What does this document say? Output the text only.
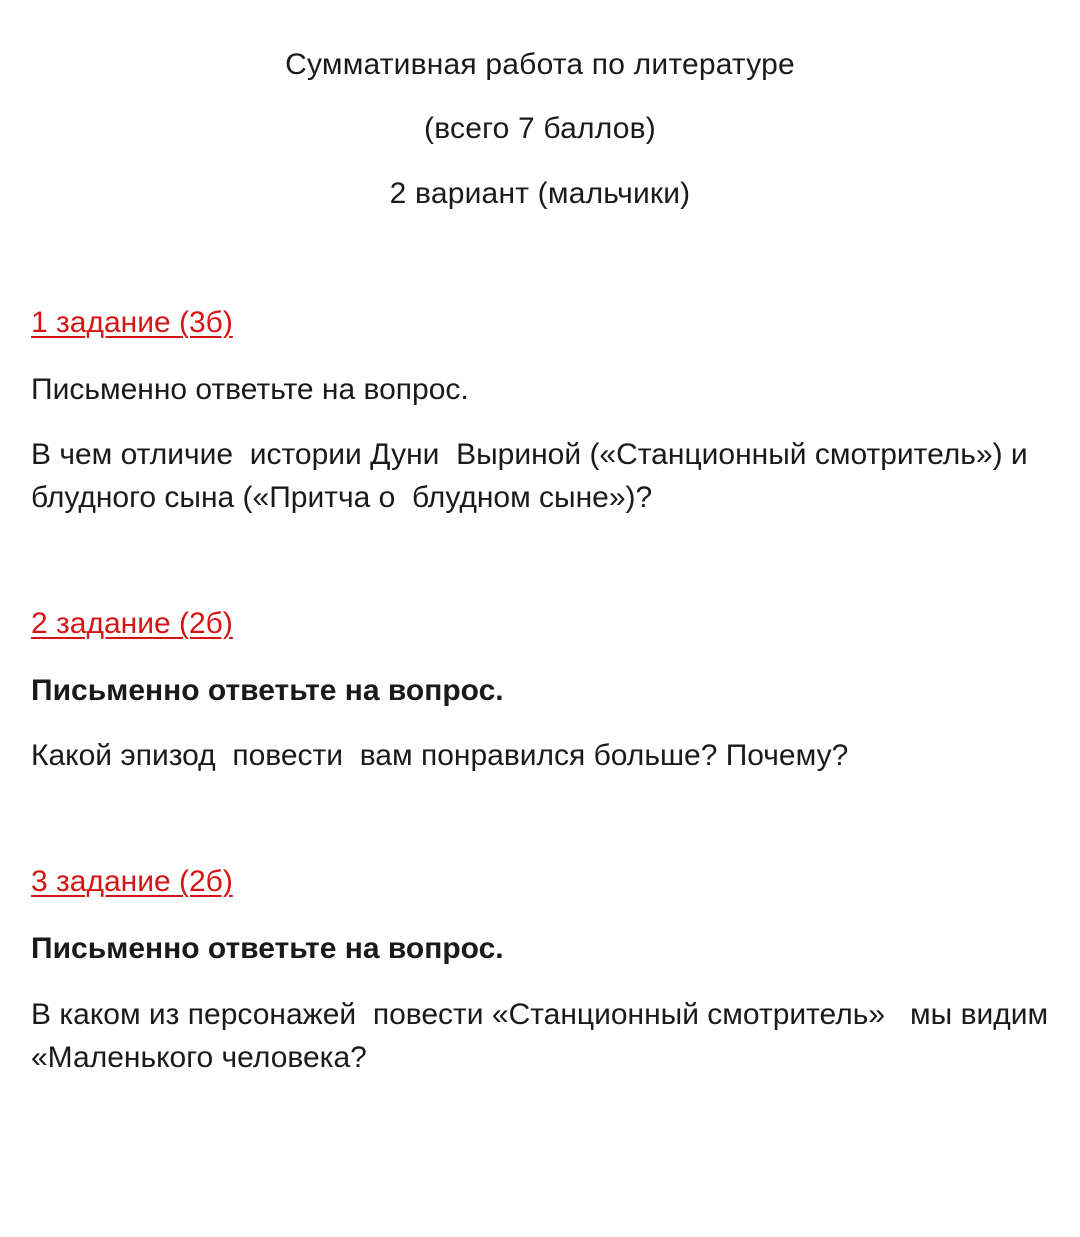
Суммативная работа по литературе
(всего 7 баллов)
2 вариант (мальчики)
1 задание (3б)
Письменно ответьте на вопрос.
В чем отличие  истории Дуни  Выриной («Станционный смотритель») и блудного сына («Притча о  блудном сыне»)?
2 задание (2б)
Письменно ответьте на вопрос.
Какой эпизод  повести  вам понравился больше? Почему?
3 задание (2б)
Письменно ответьте на вопрос.
В каком из персонажей  повести «Станционный смотритель»   мы видим   «Маленького человека?
